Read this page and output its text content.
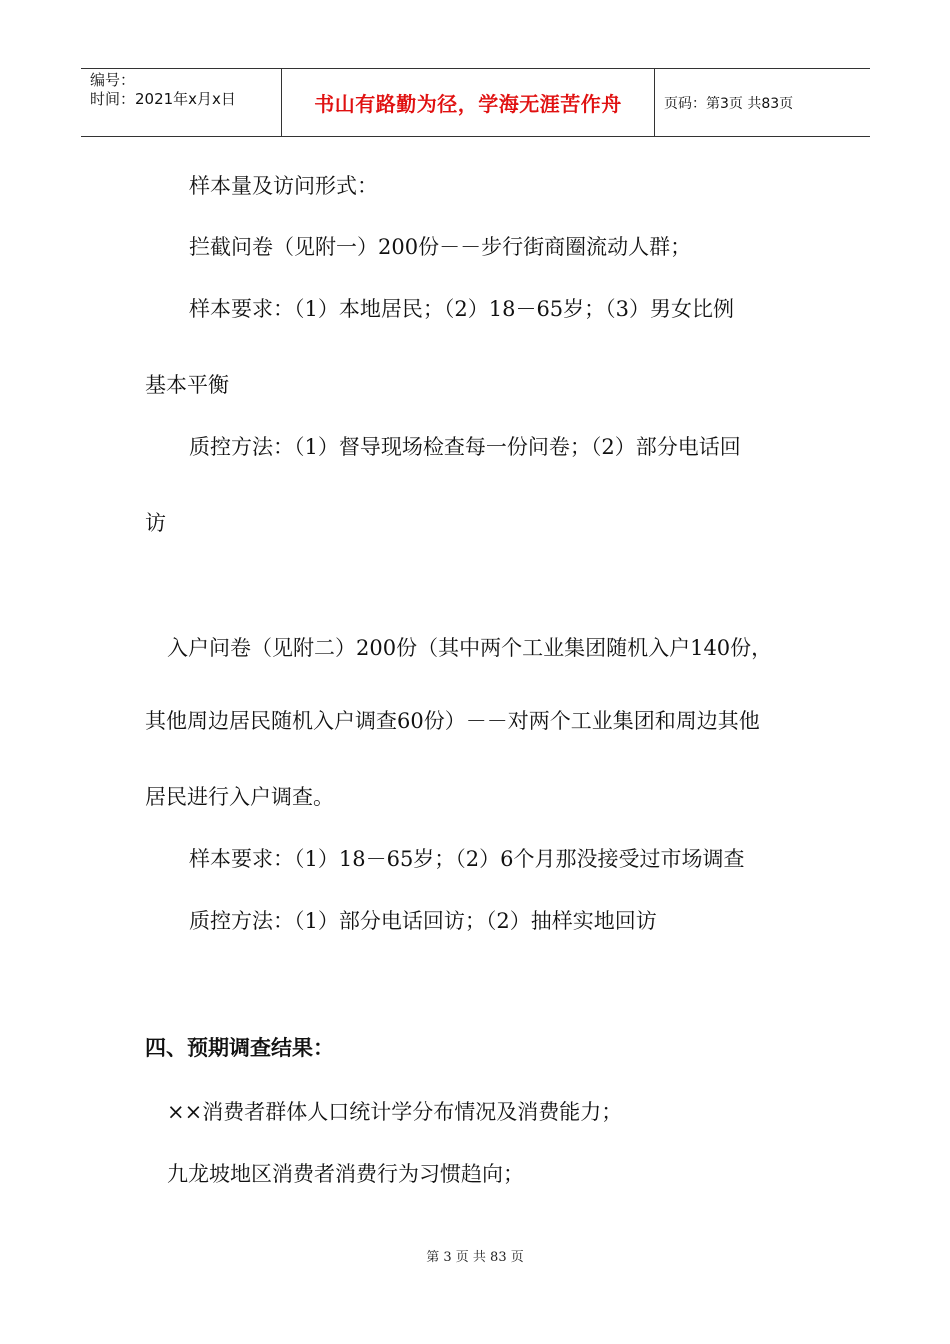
编号：
时间：2021年x月x日	书山有路勤为径，学海无涯苦作舟	页码：第3页 共83页
样本量及访问形式：
拦截问卷（见附一）200份－－步行街商圈流动人群；
样本要求：（1）本地居民；（2）18－65岁；（3）男女比例
基本平衡
质控方法：（1）督导现场检查每一份问卷；（2）部分电话回
访
入户问卷（见附二）200份（其中两个工业集团随机入户140份，
其他周边居民随机入户调查60份）－－对两个工业集团和周边其他
居民进行入户调查。
样本要求：（1）18－65岁；（2）6个月那没接受过市场调查
质控方法：（1）部分电话回访；（2）抽样实地回访
四、预期调查结果：
××消费者群体人口统计学分布情况及消费能力；
九龙坡地区消费者消费行为习惯趋向；
第 3 页 共 83 页
